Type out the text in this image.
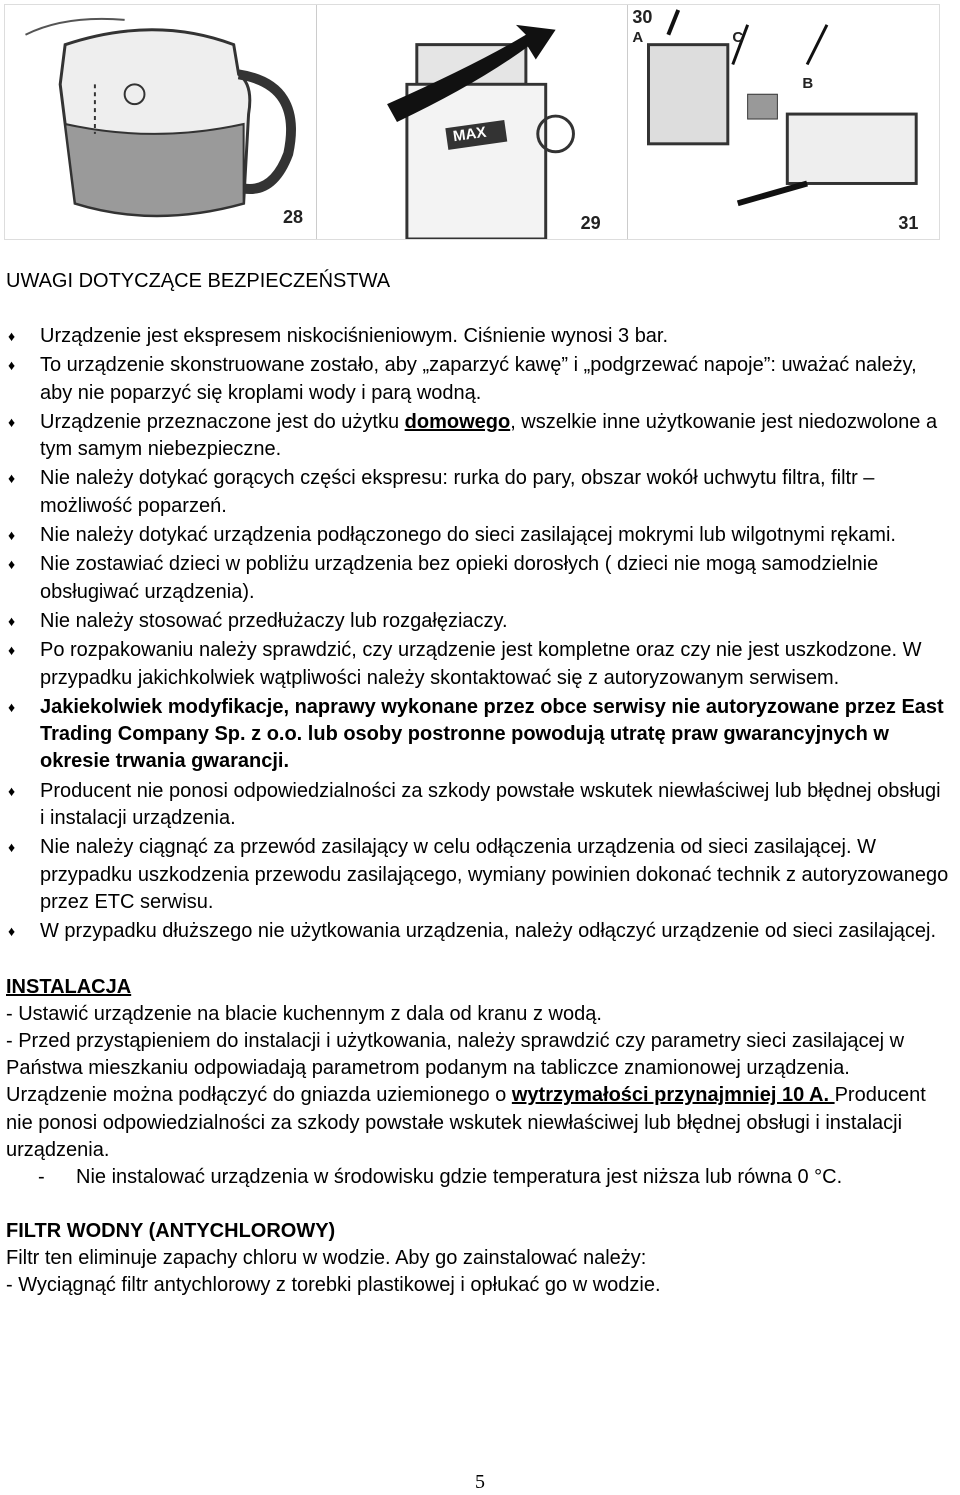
28
MAX
29
30
A	C
B
31
UWAGI DOTYCZĄCE BEZPIECZEŃSTWA
♦ Urządzenie jest ekspresem niskociśnieniowym. Ciśnienie wynosi 3 bar.
♦ To urządzenie skonstruowane zostało, aby „zaparzyć kawę” i „podgrzewać napoje”: uważać należy, aby nie poparzyć się kroplami wody i parą wodną.
♦ Urządzenie przeznaczone jest do użytku domowego, wszelkie inne użytkowanie jest niedozwolone a tym samym niebezpieczne.
♦ Nie należy dotykać gorących części ekspresu: rurka do pary, obszar wokół uchwytu filtra, filtr – możliwość poparzeń.
♦ Nie należy dotykać urządzenia podłączonego do sieci zasilającej mokrymi lub wilgotnymi rękami.
♦ Nie zostawiać dzieci w pobliżu urządzenia bez opieki dorosłych ( dzieci nie mogą samodzielnie obsługiwać urządzenia).
♦ Nie należy stosować przedłużaczy lub rozgałęziaczy.
♦ Po rozpakowaniu należy sprawdzić, czy urządzenie jest kompletne oraz czy nie jest uszkodzone. W przypadku jakichkolwiek wątpliwości należy skontaktować się z autoryzowanym serwisem.
♦ Jakiekolwiek modyfikacje, naprawy wykonane przez obce serwisy nie autoryzowane przez East Trading Company Sp. z o.o. lub osoby postronne powodują utratę praw gwarancyjnych w okresie trwania gwarancji.
♦ Producent nie ponosi odpowiedzialności za szkody powstałe wskutek niewłaściwej lub błędnej obsługi i instalacji urządzenia.
♦ Nie należy ciągnąć za przewód zasilający w celu odłączenia urządzenia od sieci zasilającej. W przypadku uszkodzenia przewodu zasilającego, wymiany powinien dokonać technik z autoryzowanego przez ETC serwisu.
♦ W przypadku dłuższego nie użytkowania urządzenia, należy odłączyć urządzenie od sieci zasilającej.
INSTALACJA

- Ustawić urządzenie na blacie kuchennym z dala od kranu z wodą.

- Przed przystąpieniem do instalacji i użytkowania, należy sprawdzić czy parametry sieci zasilającej w Państwa mieszkaniu odpowiadają parametrom podanym na tabliczce znamionowej urządzenia. Urządzenie można podłączyć do gniazda uziemionego o wytrzymałości przynajmniej 10 A. Producent nie ponosi odpowiedzialności za szkody powstałe wskutek niewłaściwej lub błędnej obsługi i instalacji urządzenia.

- Nie instalować urządzenia w środowisku gdzie temperatura jest niższa lub równa 0 °C.

FILTR WODNY (ANTYCHLOROWY)

Filtr ten eliminuje zapachy chloru w wodzie. Aby go zainstalować należy:

- Wyciągnąć filtr antychlorowy z torebki plastikowej i opłukać go w wodzie.

5
